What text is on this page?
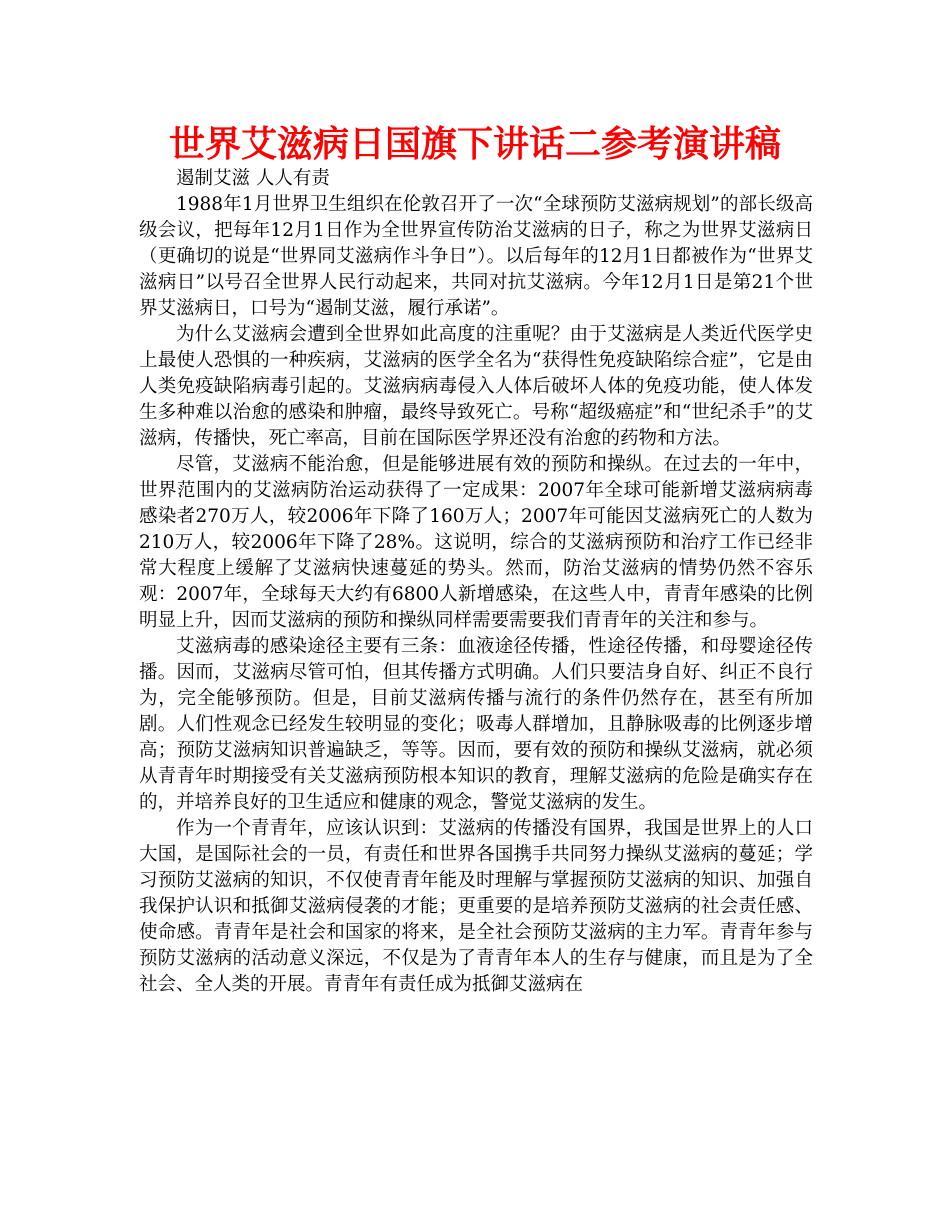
世界艾滋病日国旗下讲话二参考演讲稿

遏制艾滋 人人有责

1988年1月世界卫生组织在伦敦召开了一次“全球预防艾滋病规划”的部长级高级会议，把每年12月1日作为全世界宣传防治艾滋病的日子，称之为世界艾滋病日（更确切的说是“世界同艾滋病作斗争日”）。以后每年的12月1日都被作为“世界艾滋病日”以号召全世界人民行动起来，共同对抗艾滋病。今年12月1日是第21个世界艾滋病日，口号为“遏制艾滋，履行承诺”。

为什么艾滋病会遭到全世界如此高度的注重呢？由于艾滋病是人类近代医学史上最使人恐惧的一种疾病，艾滋病的医学全名为“获得性免疫缺陷综合症”，它是由人类免疫缺陷病毒引起的。艾滋病病毒侵入人体后破坏人体的免疫功能，使人体发生多种难以治愈的感染和肿瘤，最终导致死亡。号称“超级癌症”和“世纪杀手”的艾滋病，传播快，死亡率高，目前在国际医学界还没有治愈的药物和方法。

尽管，艾滋病不能治愈，但是能够进展有效的预防和操纵。在过去的一年中，世界范围内的艾滋病防治运动获得了一定成果：2007年全球可能新增艾滋病病毒感染者270万人，较2006年下降了160万人；2007年可能因艾滋病死亡的人数为210万人，较2006年下降了28%。这说明，综合的艾滋病预防和治疗工作已经非常大程度上缓解了艾滋病快速蔓延的势头。然而，防治艾滋病的情势仍然不容乐观：2007年，全球每天大约有6800人新增感染，在这些人中，青青年感染的比例明显上升，因而艾滋病的预防和操纵同样需要需要我们青青年的关注和参与。

艾滋病毒的感染途径主要有三条：血液途径传播，性途径传播，和母婴途径传播。因而，艾滋病尽管可怕，但其传播方式明确。人们只要洁身自好、纠正不良行为，完全能够预防。但是，目前艾滋病传播与流行的条件仍然存在，甚至有所加剧。人们性观念已经发生较明显的变化；吸毒人群增加，且静脉吸毒的比例逐步增高；预防艾滋病知识普遍缺乏，等等。因而，要有效的预防和操纵艾滋病，就必须从青青年时期接受有关艾滋病预防根本知识的教育，理解艾滋病的危险是确实存在的，并培养良好的卫生适应和健康的观念，警觉艾滋病的发生。

作为一个青青年，应该认识到：艾滋病的传播没有国界，我国是世界上的人口大国，是国际社会的一员，有责任和世界各国携手共同努力操纵艾滋病的蔓延；学习预防艾滋病的知识，不仅使青青年能及时理解与掌握预防艾滋病的知识、加强自我保护认识和抵御艾滋病侵袭的才能；更重要的是培养预防艾滋病的社会责任感、使命感。青青年是社会和国家的将来，是全社会预防艾滋病的主力军。青青年参与预防艾滋病的活动意义深远，不仅是为了青青年本人的生存与健康，而且是为了全社会、全人类的开展。青青年有责任成为抵御艾滋病在
